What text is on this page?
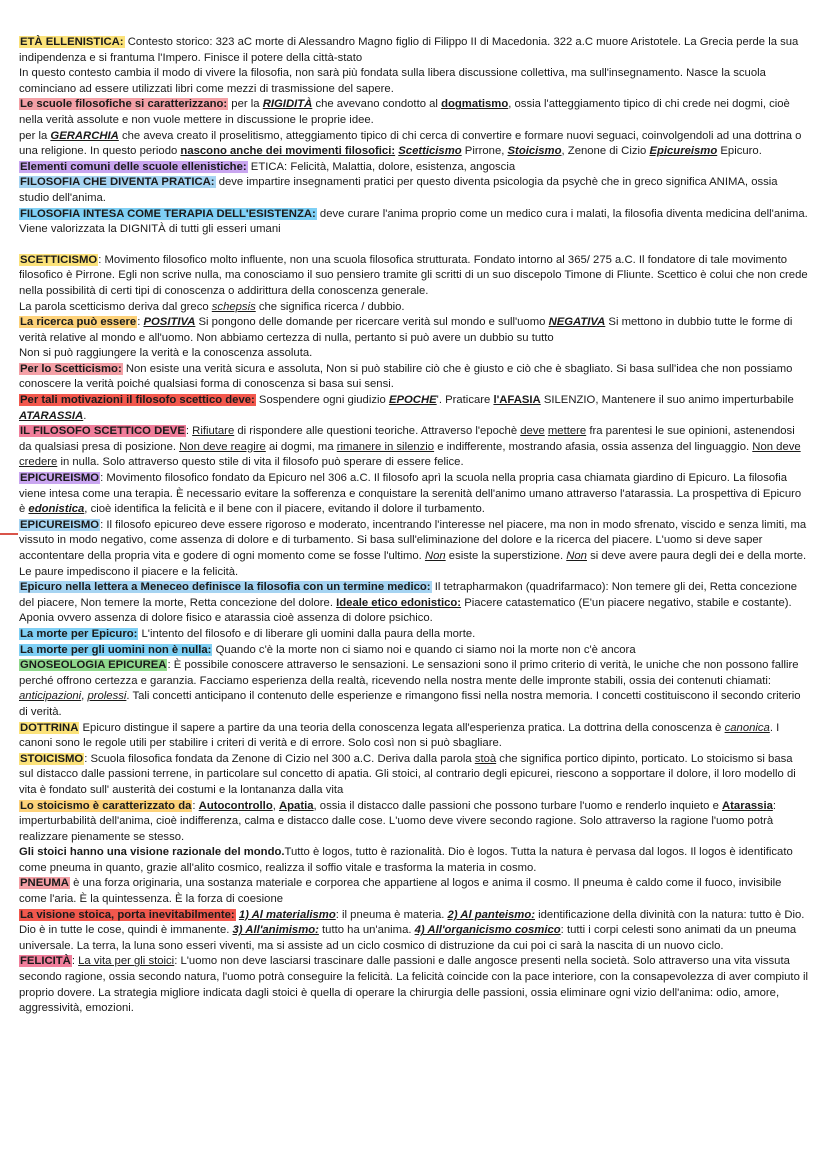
ETÀ ELLENISTICA: Contesto storico: 323 aC morte di Alessandro Magno figlio di Filippo II di Macedonia. 322 a.C muore Aristotele. La Grecia perde la sua indipendenza e si frantuma l'Impero. Finisce il potere della città-stato

In questo contesto cambia il modo di vivere la filosofia, non sarà più fondata sulla libera discussione collettiva, ma sull'insegnamento. Nasce la scuola cominciano ad essere utilizzati libri come mezzi di trasmissione del sapere.

Le scuole filosofiche si caratterizzano: per la RIGIDITÀ che avevano condotto al dogmatismo, ossia l'atteggiamento tipico di chi crede nei dogmi, cioè nella verità assolute e non vuole mettere in discussione le proprie idee.

per la GERARCHIA che aveva creato il proselitismo, atteggiamento tipico di chi cerca di convertire e formare nuovi seguaci, coinvolgendoli ad una dottrina o una religione. In questo periodo nascono anche dei movimenti filosofici: Scetticismo Pirrone, Stoicismo, Zenone di Cizio Epicureismo Epicuro.

Elementi comuni delle scuole ellenistiche: ETICA: Felicità, Malattia, dolore, esistenza, angoscia

FILOSOFIA CHE DIVENTA PRATICA: deve impartire insegnamenti pratici per questo diventa psicologia da psychè che in greco significa ANIMA, ossia studio dell'anima.

FILOSOFIA INTESA COME TERAPIA DELL'ESISTENZA: deve curare l'anima proprio come un medico cura i malati, la filosofia diventa medicina dell'anima. Viene valorizzata la DIGNITÀ di tutti gli esseri umani

SCETTICISMO: Movimento filosofico molto influente, non una scuola filosofica strutturata. Fondato intorno al 365/ 275 a.C. Il fondatore di tale movimento filosofico è Pirrone. Egli non scrive nulla, ma conosciamo il suo pensiero tramite gli scritti di un suo discepolo Timone di Fliunte. Scettico è colui che non crede nella possibilità di certi tipi di conoscenza o addirittura della conoscenza generale.

La parola scetticismo deriva dal greco schepsis che significa ricerca / dubbio.

La ricerca può essere: POSITIVA Si pongono delle domande per ricercare verità sul mondo e sull'uomo NEGATIVA Si mettono in dubbio tutte le forme di verità relative al mondo e all'uomo. Non abbiamo certezza di nulla, pertanto si può avere un dubbio su tutto

Non si può raggiungere la verità e la conoscenza assoluta.

Per lo Scetticismo: Non esiste una verità sicura e assoluta, Non si può stabilire ciò che è giusto e ciò che è sbagliato. Si basa sull'idea che non possiamo conoscere la verità poiché qualsiasi forma di conoscenza si basa sui sensi.

Per tali motivazioni il filosofo scettico deve: Sospendere ogni giudizio EPOCHE'. Praticare l'AFASIA SILENZIO, Mantenere il suo animo imperturbabile ATARASSIA.

IL FILOSOFO SCETTICO DEVE: Rifiutare di rispondere alle questioni teoriche. Attraverso l'epochè deve mettere fra parentesi le sue opinioni, astenendosi da qualsiasi presa di posizione. Non deve reagire ai dogmi, ma rimanere in silenzio e indifferente, mostrando afasia, ossia assenza del linguaggio. Non deve credere in nulla. Solo attraverso questo stile di vita il filosofo può sperare di essere felice.

EPICUREISMO: Movimento filosofico fondato da Epicuro nel 306 a.C. Il filosofo aprì la scuola nella propria casa chiamata giardino di Epicuro. La filosofia viene intesa come una terapia. È necessario evitare la sofferenza e conquistare la serenità dell'animo umano attraverso l'atarassia. La prospettiva di Epicuro è edonistica, cioè identifica la felicità e il bene con il piacere, evitando il dolore il turbamento.

EPICUREISMO: Il filosofo epicureo deve essere rigoroso e moderato, incentrando l'interesse nel piacere, ma non in modo sfrenato, viscido e senza limiti, ma vissuto in modo negativo, come assenza di dolore e di turbamento. Si basa sull'eliminazione del dolore e la ricerca del piacere. L'uomo si deve saper accontentare della propria vita e godere di ogni momento come se fosse l'ultimo. Non esiste la superstizione. Non si deve avere paura degli dei e della morte. Le paure impediscono il piacere e la felicità.

Epicuro nella lettera a Meneceo definisce la filosofia con un termine medico: Il tetrapharmakon (quadrifarmaco): Non temere gli dei, Retta concezione del piacere, Non temere la morte, Retta concezione del dolore. Ideale etico edonistico: Piacere catastematico (E'un piacere negativo, stabile e costante). Aponia ovvero assenza di dolore fisico e atarassia cioè assenza di dolore psichico.

La morte per Epicuro: L'intento del filosofo e di liberare gli uomini dalla paura della morte.

La morte per gli uomini non è nulla: Quando c'è la morte non ci siamo noi e quando ci siamo noi la morte non c'è ancora

GNOSEOLOGIA EPICUREA: È possibile conoscere attraverso le sensazioni. Le sensazioni sono il primo criterio di verità, le uniche che non possono fallire perché offrono certezza e garanzia. Facciamo esperienza della realtà, ricevendo nella nostra mente delle impronte stabili, ossia dei contenuti chiamati: anticipazioni, prolessi. Tali concetti anticipano il contenuto delle esperienze e rimangono fissi nella nostra memoria. I concetti costituiscono il secondo criterio di verità.

DOTTRINA Epicuro distingue il sapere a partire da una teoria della conoscenza legata all'esperienza pratica. La dottrina della conoscenza è canonica. I canoni sono le regole utili per stabilire i criteri di verità e di errore. Solo così non si può sbagliare.

STOICISMO: Scuola filosofica fondata da Zenone di Cizio nel 300 a.C. Deriva dalla parola stoà che significa portico dipinto, porticato. Lo stoicismo si basa sul distacco dalle passioni terrene, in particolare sul concetto di apatia. Gli stoici, al contrario degli epicurei, riescono a sopportare il dolore, il loro modello di vita è fondato sull' austerità dei costumi e la lontananza dalla vita

Lo stoicismo è caratterizzato da: Autocontrollo, Apatia, ossia il distacco dalle passioni che possono turbare l'uomo e renderlo inquieto e Atarassia: imperturbabilità dell'anima, cioè indifferenza, calma e distacco dalle cose. L'uomo deve vivere secondo ragione. Solo attraverso la ragione l'uomo potrà realizzare pienamente se stesso.

Gli stoici hanno una visione razionale del mondo.Tutto è logos, tutto è razionalità. Dio è logos. Tutta la natura è pervasa dal logos. Il logos è identificato come pneuma in quanto, grazie all'alito cosmico, realizza il soffio vitale e trasforma la materia in cosmo.

PNEUMA è una forza originaria, una sostanza materiale e corporea che appartiene al logos e anima il cosmo. Il pneuma è caldo come il fuoco, invisibile come l'aria. È la quintessenza. È la forza di coesione

La visione stoica, porta inevitabilmente: 1) Al materialismo: il pneuma è materia. 2) Al panteismo: identificazione della divinità con la natura: tutto è Dio. Dio è in tutte le cose, quindi è immanente. 3) All'animismo: tutto ha un'anima. 4) All'organicismo cosmico: tutti i corpi celesti sono animati da un pneuma universale. La terra, la luna sono esseri viventi, ma si assiste ad un ciclo cosmico di distruzione da cui poi ci sarà la nascita di un nuovo ciclo.

FELICITÀ: La vita per gli stoici: L'uomo non deve lasciarsi trascinare dalle passioni e dalle angosce presenti nella società. Solo attraverso una vita vissuta secondo ragione, ossia secondo natura, l'uomo potrà conseguire la felicità. La felicità coincide con la pace interiore, con la consapevolezza di aver compiuto il proprio dovere. La strategia migliore indicata dagli stoici è quella di operare la chirurgia delle passioni, ossia eliminare ogni vizio dell'anima: odio, amore, aggressività, emozioni.
